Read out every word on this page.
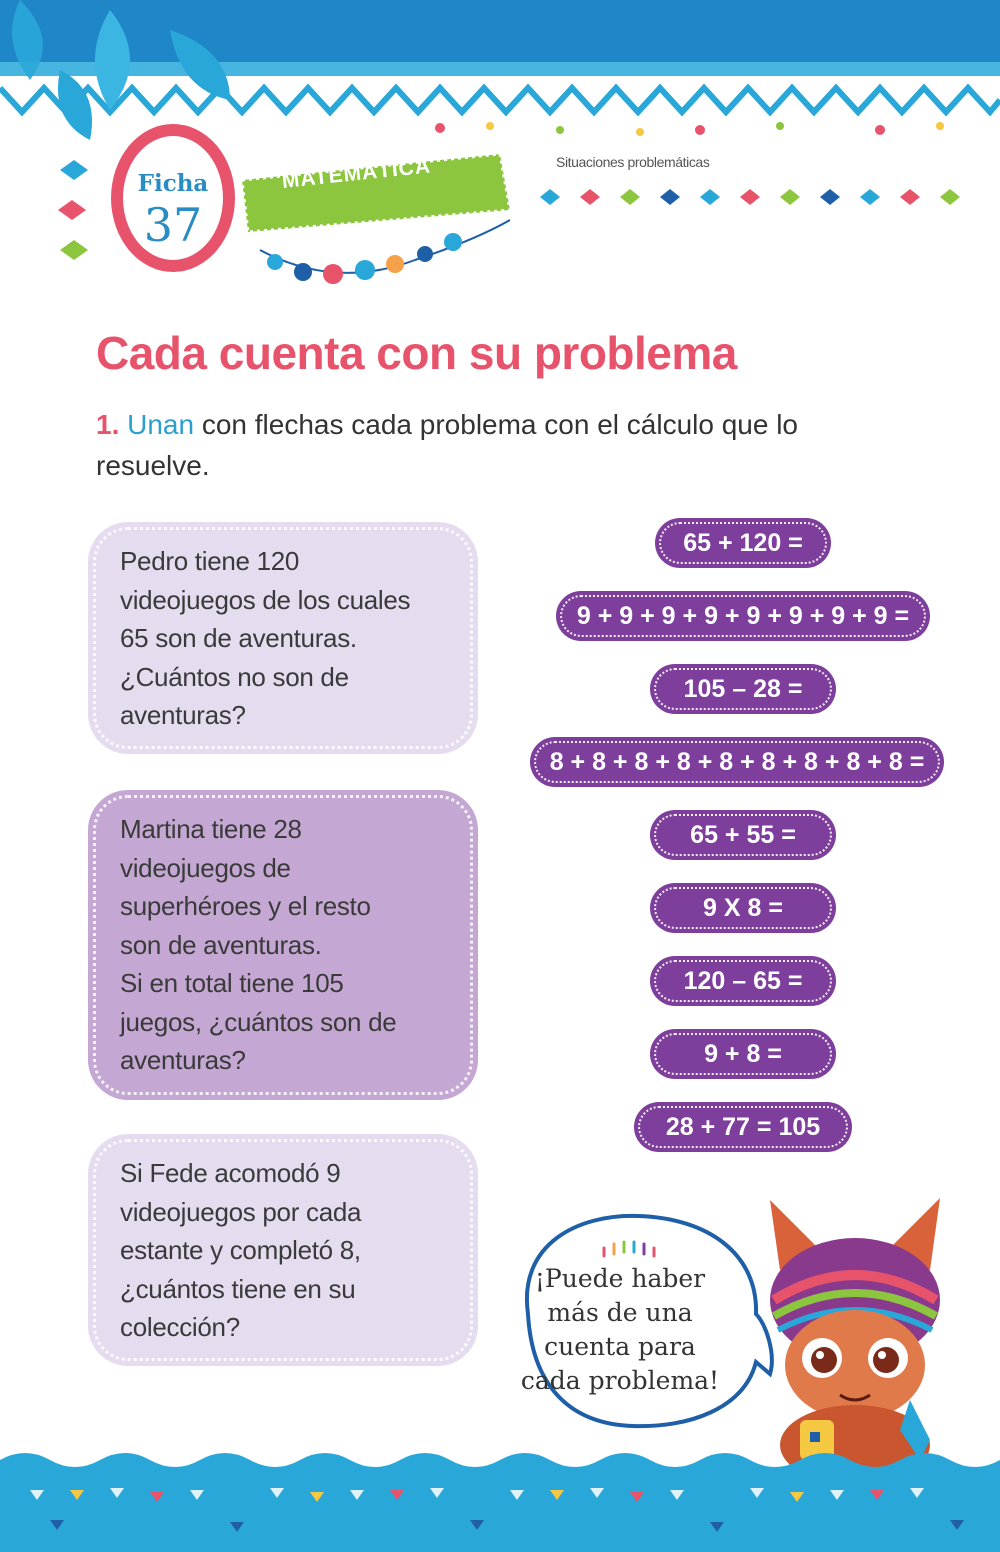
MATEMÁTICA
Ficha
37
Situaciones problemáticas
Cada cuenta con su problema
1. Unan con flechas cada problema con el cálculo que lo resuelve.

Pedro tiene 120

videojuegos de los cuales

65 son de aventuras.

¿Cuántos no son de

aventuras?

Martina tiene 28

videojuegos de

superhéroes y el resto

son de aventuras.

Si en total tiene 105

juegos, ¿cuántos son de

aventuras?

Si Fede acomodó 9

videojuegos por cada

estante y completó 8,

¿cuántos tiene en su

colección?

65 + 120 =
9 + 9 + 9 + 9 + 9 + 9 + 9 + 9 =
105 – 28 =
8 + 8 + 8 + 8 + 8 + 8 + 8 + 8 + 8 =
65 + 55 =
9 X 8 =
120 – 65 =
9 + 8 =
28 + 77 = 105
¡Puede haber
más de una
cuenta para
cada problema!
